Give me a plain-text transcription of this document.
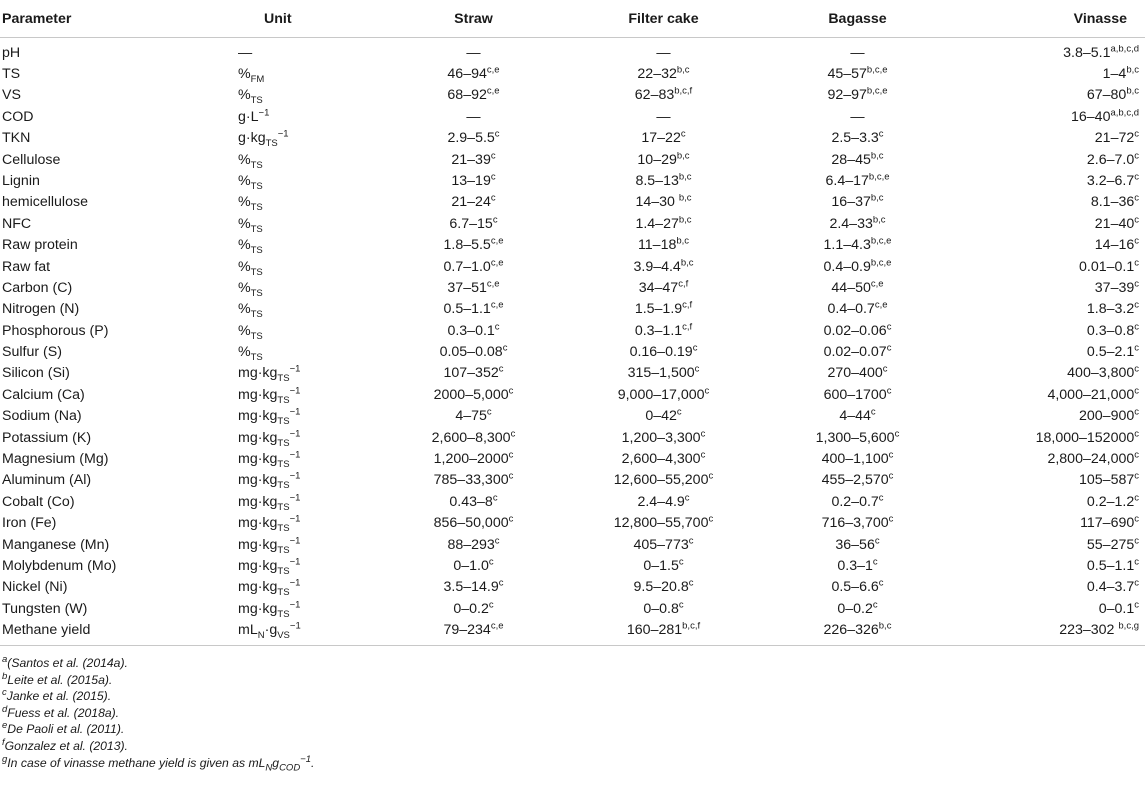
Parameter	Unit	Straw	Filter cake	Bagasse	Vinasse
pH	—	—	—	—	3.8–5.1$^{a,b,c,d}$
TS	$\%_{FM}$	46–94$^{c,e}$	22–32$^{b,c}$	45–57$^{b,c,e}$	1–4$^{b,c}$
VS	$\%_{TS}$	68–92$^{c,e}$	62–83$^{b,c,f}$	92–97$^{b,c,e}$	67–80$^{b,c}$
COD	$g\cdot L^{-1}$	—	—	—	16–40$^{a,b,c,d}$
TKN	$g\cdot kg_{TS}^{-1}$	2.9–5.5$^c$	17–22$^c$	2.5–3.3$^c$	21–72$^c$
Cellulose	$\%_{TS}$	21–39$^c$	10–29$^{b,c}$	28–45$^{b,c}$	2.6–7.0$^c$
Lignin	$\%_{TS}$	13–19$^c$	8.5–13$^{b,c}$	6.4–17$^{b,c,e}$	3.2–6.7$^c$
hemicellulose	$\%_{TS}$	21–24$^c$	14–30 $^{b,c}$	16–37$^{b,c}$	8.1–36$^c$
NFC	$\%_{TS}$	6.7–15$^c$	1.4–27$^{b,c}$	2.4–33$^{b,c}$	21–40$^c$
Raw protein	$\%_{TS}$	1.8–5.5$^{c,e}$	11–18$^{b,c}$	1.1–4.3$^{b,c,e}$	14–16$^c$
Raw fat	$\%_{TS}$	0.7–1.0$^{c,e}$	3.9–4.4$^{b,c}$	0.4–0.9$^{b,c,e}$	0.01–0.1$^c$
Carbon (C)	$\%_{TS}$	37–51$^{c,e}$	34–47$^{c,f}$	44–50$^{c,e}$	37–39$^c$
Nitrogen (N)	$\%_{TS}$	0.5–1.1$^{c,e}$	1.5–1.9$^{c,f}$	0.4–0.7$^{c,e}$	1.8–3.2$^c$
Phosphorous (P)	$\%_{TS}$	0.3–0.1$^c$	0.3–1.1$^{c,f}$	0.02–0.06$^c$	0.3–0.8$^c$
Sulfur (S)	$\%_{TS}$	0.05–0.08$^c$	0.16–0.19$^c$	0.02–0.07$^c$	0.5–2.1$^c$
Silicon (Si)	$mg\cdot kg_{TS}^{-1}$	107–352$^c$	315–1,500$^c$	270–400$^c$	400–3,800$^c$
Calcium (Ca)	$mg\cdot kg_{TS}^{-1}$	2000–5,000$^c$	9,000–17,000$^c$	600–1700$^c$	4,000–21,000$^c$
Sodium (Na)	$mg\cdot kg_{TS}^{-1}$	4–75$^c$	0–42$^c$	4–44$^c$	200–900$^c$
Potassium (K)	$mg\cdot kg_{TS}^{-1}$	2,600–8,300$^c$	1,200–3,300$^c$	1,300–5,600$^c$	18,000–152000$^c$
Magnesium (Mg)	$mg\cdot kg_{TS}^{-1}$	1,200–2000$^c$	2,600–4,300$^c$	400–1,100$^c$	2,800–24,000$^c$
Aluminum (Al)	$mg\cdot kg_{TS}^{-1}$	785–33,300$^c$	12,600–55,200$^c$	455–2,570$^c$	105–587$^c$
Cobalt (Co)	$mg\cdot kg_{TS}^{-1}$	0.43–8$^c$	2.4–4.9$^c$	0.2–0.7$^c$	0.2–1.2$^c$
Iron (Fe)	$mg\cdot kg_{TS}^{-1}$	856–50,000$^c$	12,800–55,700$^c$	716–3,700$^c$	117–690$^c$
Manganese (Mn)	$mg\cdot kg_{TS}^{-1}$	88–293$^c$	405–773$^c$	36–56$^c$	55–275$^c$
Molybdenum (Mo)	$mg\cdot kg_{TS}^{-1}$	0–1.0$^c$	0–1.5$^c$	0.3–1$^c$	0.5–1.1$^c$
Nickel (Ni)	$mg\cdot kg_{TS}^{-1}$	3.5–14.9$^c$	9.5–20.8$^c$	0.5–6.6$^c$	0.4–3.7$^c$
Tungsten (W)	$mg\cdot kg_{TS}^{-1}$	0–0.2$^c$	0–0.8$^c$	0–0.2$^c$	0–0.1$^c$
Methane yield	$mL_N\cdot g_{VS}^{-1}$	79–234$^{c,e}$	160–281$^{b,c,f}$	226–326$^{b,c}$	223–302 $^{b,c,g}$

$^a$(Santos et al. (2014a).

$^b$Leite et al. (2015a).

$^c$Janke et al. (2015).

$^d$Fuess et al. (2018a).

$^e$De Paoli et al. (2011).

$^f$Gonzalez et al. (2013).

$^g$In case of vinasse methane yield is given as $mL_Ng_{COD}^{-1}$.
